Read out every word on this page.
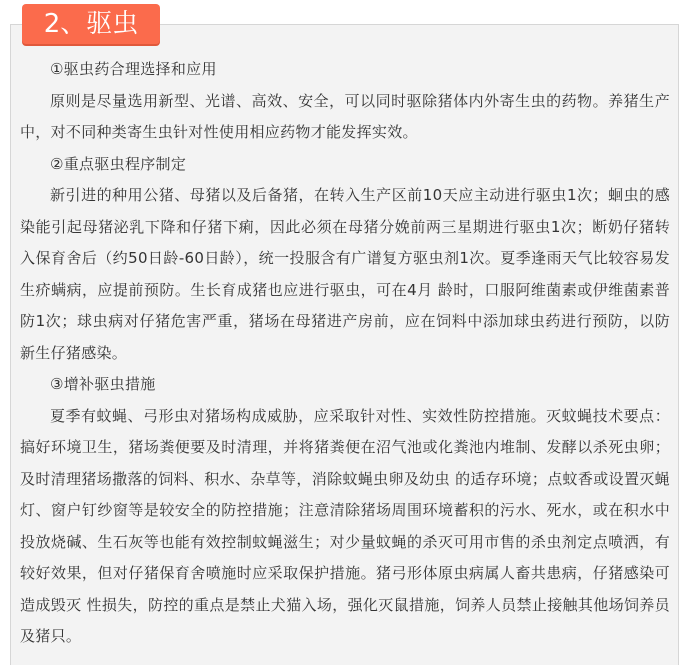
2、驱虫

①驱虫药合理选择和应用

原则是尽量选用新型、光谱、高效、安全，可以同时驱除猪体内外寄生虫的药物。养猪生产中，对不同种类寄生虫针对性使用相应药物才能发挥实效。

②重点驱虫程序制定

新引进的种用公猪、母猪以及后备猪，在转入生产区前10天应主动进行驱虫1次；蛔虫的感染能引起母猪泌乳下降和仔猪下痢，因此必须在母猪分娩前两三星期进行驱虫1次；断奶仔猪转 入保育舍后（约50日龄-60日龄），统一投服含有广谱复方驱虫剂1次。夏季逢雨天气比较容易发生疥螨病，应提前预防。生长育成猪也应进行驱虫，可在4月 龄时，口服阿维菌素或伊维菌素普防1次；球虫病对仔猪危害严重，猪场在母猪进产房前，应在饲料中添加球虫药进行预防，以防新生仔猪感染。

③增补驱虫措施

夏季有蚊蝇、弓形虫对猪场构成威胁，应采取针对性、实效性防控措施。灭蚊蝇技术要点：搞好环境卫生，猪场粪便要及时清理，并将猪粪便在沼气池或化粪池内堆制、发酵以杀死虫卵；及时清理猪场撒落的饲料、积水、杂草等，消除蚊蝇虫卵及幼虫 的适存环境；点蚊香或设置灭蝇灯、窗户钉纱窗等是较安全的防控措施；注意清除猪场周围环境蓄积的污水、死水，或在积水中投放烧碱、生石灰等也能有效控制蚊蝇滋生；对少量蚊蝇的杀灭可用市售的杀虫剂定点喷洒，有较好效果，但对仔猪保育舍喷施时应采取保护措施。猪弓形体原虫病属人畜共患病，仔猪感染可造成毁灭 性损失，防控的重点是禁止犬猫入场，强化灭鼠措施，饲养人员禁止接触其他场饲养员及猪只。
